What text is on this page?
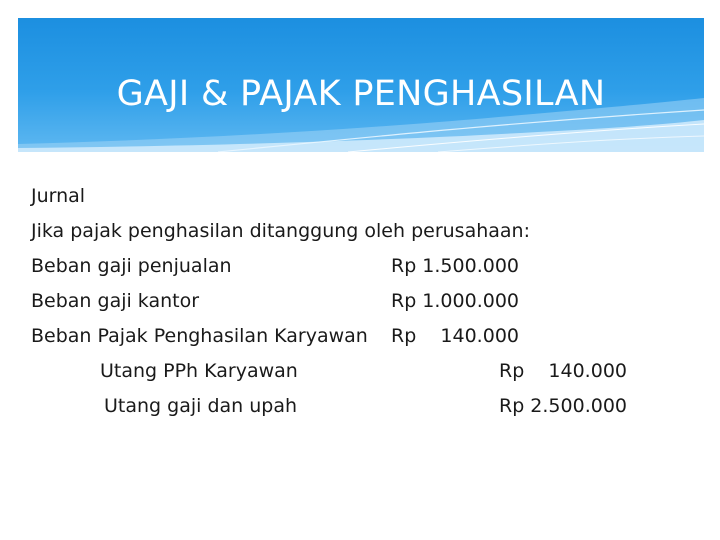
GAJI & PAJAK PENGHASILAN
Jurnal
Jika pajak penghasilan ditanggung oleh perusahaan:
Beban gaji penjualan	Rp 1.500.000
Beban gaji kantor	Rp 1.000.000
Beban Pajak Penghasilan Karyawan Rp    140.000
Utang PPh Karyawan	Rp    140.000
Utang gaji dan upah	Rp 2.500.000
